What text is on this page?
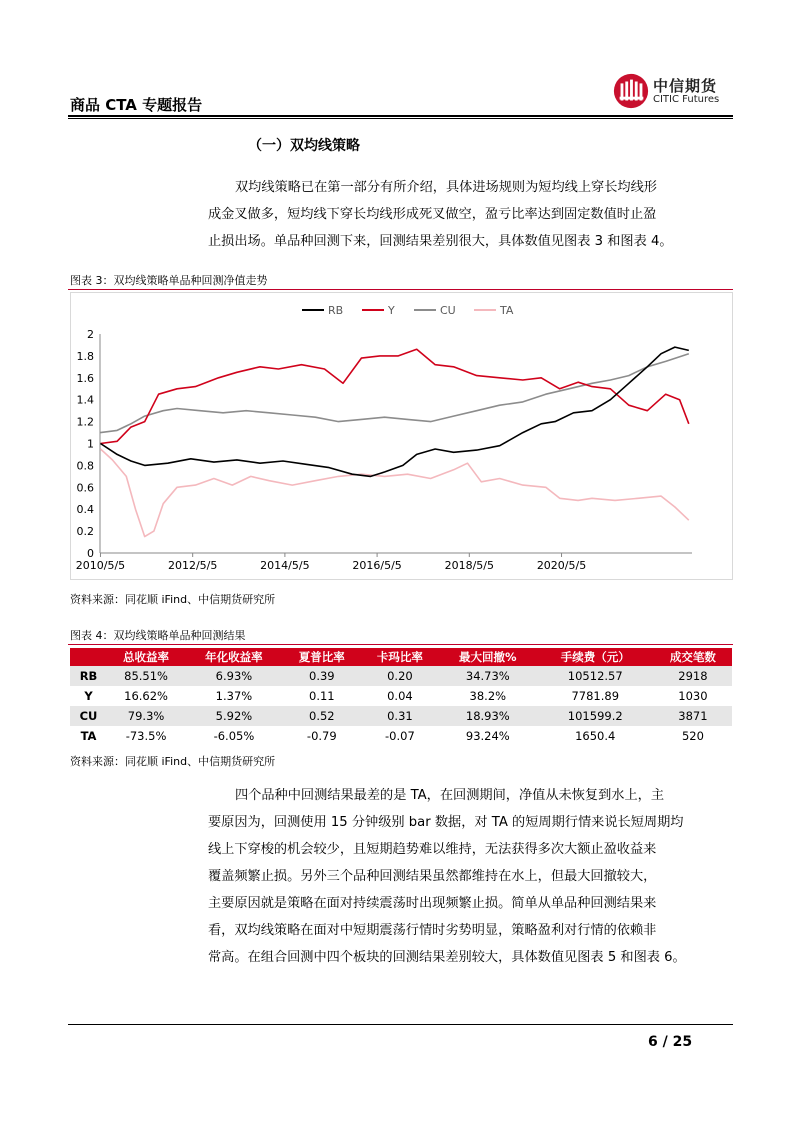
商品 CTA 专题报告
中信期货
CITIC Futures
（一）双均线策略

双均线策略已在第一部分有所介绍，具体进场规则为短均线上穿长均线形

成金叉做多，短均线下穿长均线形成死叉做空，盈亏比率达到固定数值时止盈

止损出场。单品种回测下来，回测结果差别很大，具体数值见图表 3 和图表 4。

图表 3：双均线策略单品种回测净值走势
0
0.2
0.4
0.6
0.8
1
1.2
1.4
1.6
1.8
2
2010/5/5	2012/5/5	2014/5/5	2016/5/5	2018/5/5	2020/5/5
RB	Y	CU	TA
资料来源：同花顺 iFind、中信期货研究所
图表 4：双均线策略单品种回测结果
	总收益率	年化收益率	夏普比率	卡玛比率	最大回撤%	手续费（元）	成交笔数
RB	85.51%	6.93%	0.39	0.20	34.73%	10512.57	2918
Y	16.62%	1.37%	0.11	0.04	38.2%	7781.89	1030
CU	79.3%	5.92%	0.52	0.31	18.93%	101599.2	3871
TA	-73.5%	-6.05%	-0.79	-0.07	93.24%	1650.4	520
资料来源：同花顺 iFind、中信期货研究所

四个品种中回测结果最差的是 TA，在回测期间，净值从未恢复到水上，主

要原因为，回测使用 15 分钟级别 bar 数据，对 TA 的短周期行情来说长短周期均

线上下穿梭的机会较少，且短期趋势难以维持，无法获得多次大额止盈收益来

覆盖频繁止损。另外三个品种回测结果虽然都维持在水上，但最大回撤较大，

主要原因就是策略在面对持续震荡时出现频繁止损。简单从单品种回测结果来

看，双均线策略在面对中短期震荡行情时劣势明显，策略盈利对行情的依赖非

常高。在组合回测中四个板块的回测结果差别较大，具体数值见图表 5 和图表 6。

6 / 25
